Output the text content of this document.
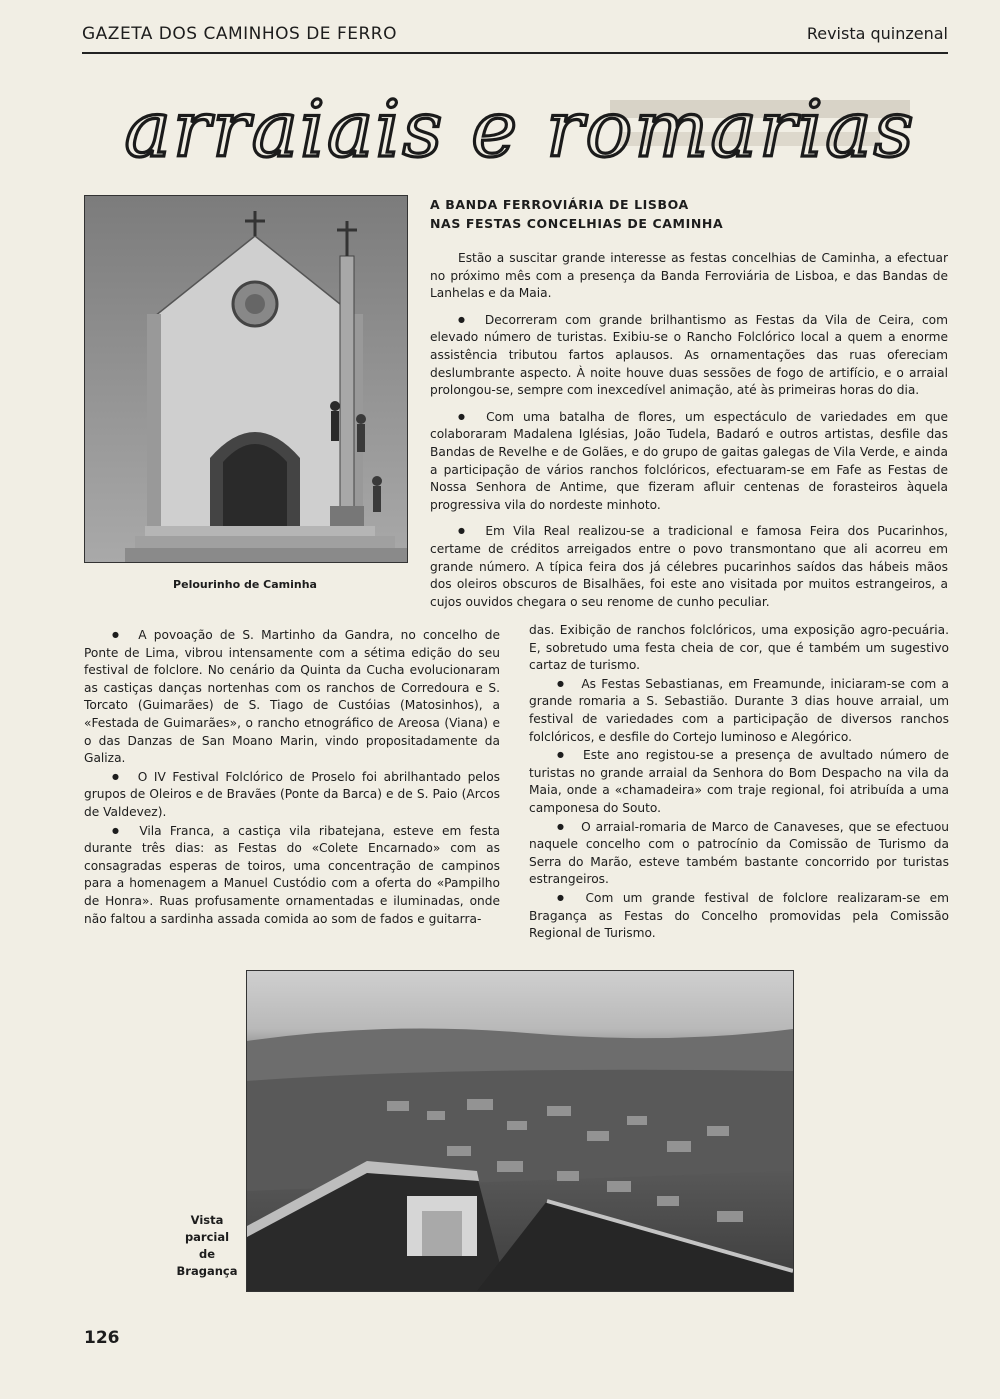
GAZETA DOS CAMINHOS DE FERRO	Revista quinzenal
arraiais e romarias
Pelourinho de Caminha
A BANDA FERROVIÁRIA DE LISBOA
NAS FESTAS CONCELHIAS DE CAMINHA

Estão a suscitar grande interesse as festas concelhias de Caminha, a efectuar no próximo mês com a presença da Banda Ferroviária de Lisboa, e das Bandas de Lanhelas e da Maia.

● Decorreram com grande brilhantismo as Festas da Vila de Ceira, com elevado número de turistas. Exibiu-se o Rancho Folclórico local a quem a enorme assistência tributou fartos aplausos. As ornamentações das ruas ofereciam deslumbrante aspecto. À noite houve duas sessões de fogo de artifício, e o arraial prolongou-se, sempre com inexcedível animação, até às primeiras horas do dia.

● Com uma batalha de flores, um espectáculo de variedades em que colaboraram Madalena Iglésias, João Tudela, Badaró e outros artistas, desfile das Bandas de Revelhe e de Golães, e do grupo de gaitas galegas de Vila Verde, e ainda a participação de vários ranchos folclóricos, efectuaram-se em Fafe as Festas de Nossa Senhora de Antime, que fizeram afluir centenas de forasteiros àquela progressiva vila do nordeste minhoto.

● Em Vila Real realizou-se a tradicional e famosa Feira dos Pucarinhos, certame de créditos arreigados entre o povo transmontano que ali acorreu em grande número. A típica feira dos já célebres pucarinhos saídos das hábeis mãos dos oleiros obscuros de Bisalhães, foi este ano visitada por muitos estrangeiros, a cujos ouvidos chegara o seu renome de cunho peculiar.

● A povoação de S. Martinho da Gandra, no concelho de Ponte de Lima, vibrou intensamente com a sétima edição do seu festival de folclore. No cenário da Quinta da Cucha evolucionaram as castiças danças nortenhas com os ranchos de Corredoura e S. Torcato (Guimarães) de S. Tiago de Custóias (Matosinhos), a «Festada de Guimarães», o rancho etnográfico de Areosa (Viana) e o das Danzas de San Moano Marin, vindo propositadamente da Galiza.

● O IV Festival Folclórico de Proselo foi abrilhantado pelos grupos de Oleiros e de Bravães (Ponte da Barca) e de S. Paio (Arcos de Valdevez).

● Vila Franca, a castiça vila ribatejana, esteve em festa durante três dias: as Festas do «Colete Encarnado» com as consagradas esperas de toiros, uma concentração de campinos para a homenagem a Manuel Custódio com a oferta do «Pampilho de Honra». Ruas profusamente ornamentadas e iluminadas, onde não faltou a sardinha assada comida ao som de fados e guitarra-

das. Exibição de ranchos folclóricos, uma exposição agro-pecuária. E, sobretudo uma festa cheia de cor, que é também um sugestivo cartaz de turismo.

● As Festas Sebastianas, em Freamunde, iniciaram-se com a grande romaria a S. Sebastião. Durante 3 dias houve arraial, um festival de variedades com a participação de diversos ranchos folclóricos, e desfile do Cortejo luminoso e Alegórico.

● Este ano registou-se a presença de avultado número de turistas no grande arraial da Senhora do Bom Despacho na vila da Maia, onde a «chamadeira» com traje regional, foi atribuída a uma camponesa do Souto.

● O arraial-romaria de Marco de Canaveses, que se efectuou naquele concelho com o patrocínio da Comissão de Turismo da Serra do Marão, esteve também bastante concorrido por turistas estrangeiros.

● Com um grande festival de folclore realizaram-se em Bragança as Festas do Concelho promovidas pela Comissão Regional de Turismo.

Vista
parcial
de
Bragança
126
